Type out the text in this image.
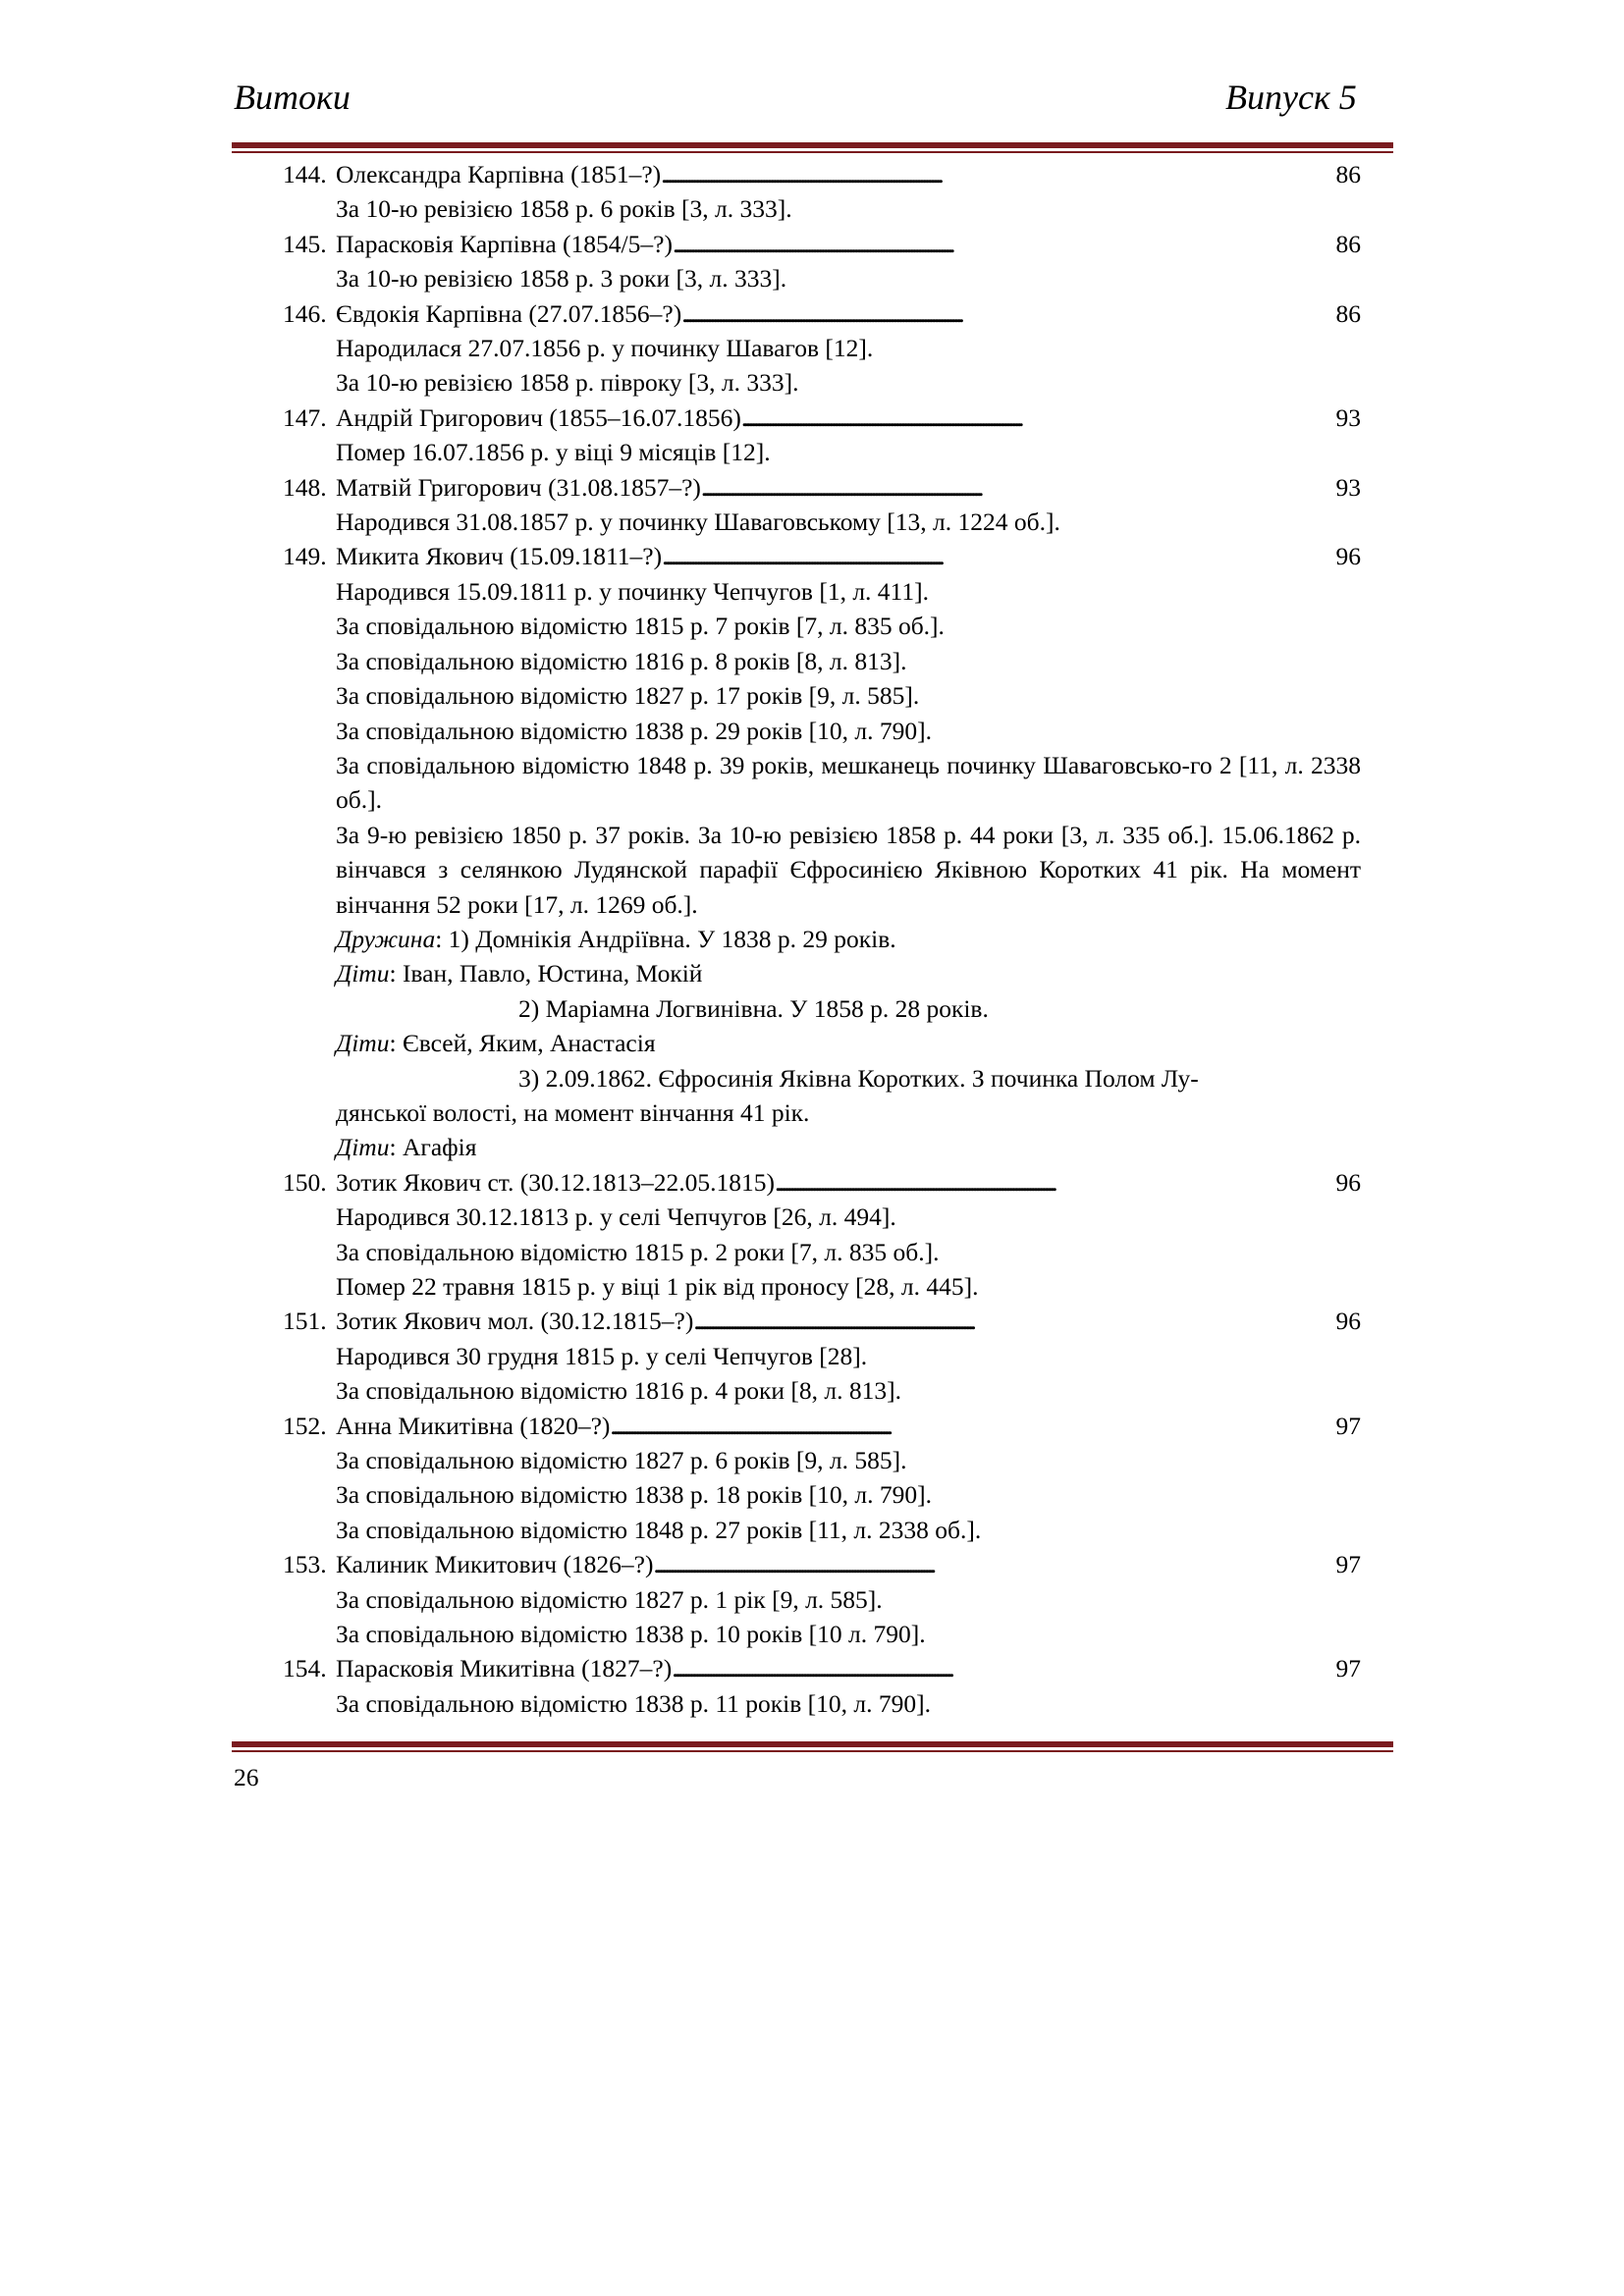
Витоки	Випуск 5
144. Олександра Карпівна (1851–?) . . .	86
За 10-ю ревізією 1858 р. 6 років [3, л. 333].
145. Парасковія Карпівна (1854/5–?) . . .	86
За 10-ю ревізією 1858 р. 3 роки [3, л. 333].
146. Євдокія Карпівна (27.07.1856–?) . . .	86
Народилася 27.07.1856 р. у починку Шавагов [12].
За 10-ю ревізією 1858 р. півроку [3, л. 333].
147. Андрій Григорович (1855–16.07.1856) . . .	93
Помер 16.07.1856 р. у віці 9 місяців [12].
148. Матвій Григорович (31.08.1857–?) . . .	93
Народився 31.08.1857 р. у починку Шаваговському [13, л. 1224 об.].
149. Микита Якович (15.09.1811–?) . . .	96
Народився 15.09.1811 р. у починку Чепчугов [1, л. 411].
За сповідальною відомістю 1815 р. 7 років [7, л. 835 об.].
За сповідальною відомістю 1816 р. 8 років [8, л. 813].
За сповідальною відомістю 1827 р. 17 років [9, л. 585].
За сповідальною відомістю 1838 р. 29 років [10, л. 790].
За сповідальною відомістю 1848 р. 39 років, мешканець починку Шаваговсько-го 2 [11, л. 2338 об.].
За 9-ю ревізією 1850 р. 37 років. За 10-ю ревізією 1858 р. 44 роки [3, л. 335 об.]. 15.06.1862 р. вінчався з селянкою Лудянской парафії Єфросинією Яківною Коротких 41 рік. На момент вінчання 52 роки [17, л. 1269 об.].
Дружина: 1) Домнікія Андріївна. У 1838 р. 29 років.
Діти: Іван, Павло, Юстина, Мокій
2) Маріамна Логвинівна. У 1858 р. 28 років.
Діти: Євсей, Яким, Анастасія
3) 2.09.1862. Єфросинія Яківна Коротких. З починка Полом Лу-
дянської волості, на момент вінчання 41 рік.
Діти: Агафія
150. Зотик Якович ст. (30.12.1813–22.05.1815) . . .	96
Народився 30.12.1813 р. у селі Чепчугов [26, л. 494].
За сповідальною відомістю 1815 р. 2 роки [7, л. 835 об.].
Помер 22 травня 1815 р. у віці 1 рік від проносу [28, л. 445].
151. Зотик Якович мол. (30.12.1815–?) . . .	96
Народився 30 грудня 1815 р. у селі Чепчугов [28].
За сповідальною відомістю 1816 р. 4 роки [8, л. 813].
152. Анна Микитівна (1820–?) . . .	97
За сповідальною відомістю 1827 р. 6 років [9, л. 585].
За сповідальною відомістю 1838 р. 18 років [10, л. 790].
За сповідальною відомістю 1848 р. 27 років [11, л. 2338 об.].
153. Калиник Микитович (1826–?) . . .	97
За сповідальною відомістю 1827 р. 1 рік [9, л. 585].
За сповідальною відомістю 1838 р. 10 років [10 л. 790].
154. Парасковія Микитівна (1827–?) . . .	97
За сповідальною відомістю 1838 р. 11 років [10, л. 790].
26
